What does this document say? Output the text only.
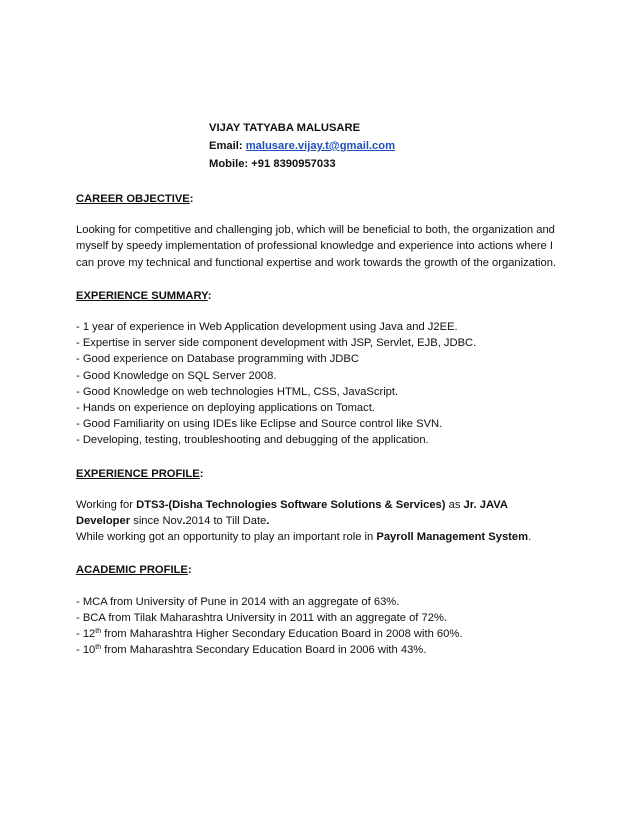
VIJAY TATYABA MALUSARE
Email: malusare.vijay.t@gmail.com
Mobile: +91 8390957033
CAREER OBJECTIVE:

Looking for competitive and challenging job, which will be beneficial to both, the organization and myself by speedy implementation of professional knowledge and experience into actions where I can prove my technical and functional expertise and work towards the growth of the organization.

EXPERIENCE SUMMARY:
- 1 year of experience in Web Application development using Java and J2EE.
- Expertise in server side component development with JSP, Servlet, EJB, JDBC.
- Good experience on Database programming with JDBC
- Good Knowledge on SQL Server 2008.
- Good Knowledge on web technologies HTML, CSS, JavaScript.
- Hands on experience on deploying applications on Tomact.
- Good Familiarity on using IDEs like Eclipse and Source control like SVN.
- Developing, testing, troubleshooting and debugging of the application.
EXPERIENCE PROFILE:
Working for DTS3-(Disha Technologies Software Solutions & Services) as Jr. JAVA Developer since Nov.2014 to Till Date.
While working got an opportunity to play an important role in Payroll Management System.
ACADEMIC PROFILE:
- MCA from University of Pune in 2014 with an aggregate of 63%.
- BCA from Tilak Maharashtra University in 2011 with an aggregate of 72%.
- 12th from Maharashtra Higher Secondary Education Board in 2008 with 60%.
- 10th from Maharashtra Secondary Education Board in 2006 with 43%.
